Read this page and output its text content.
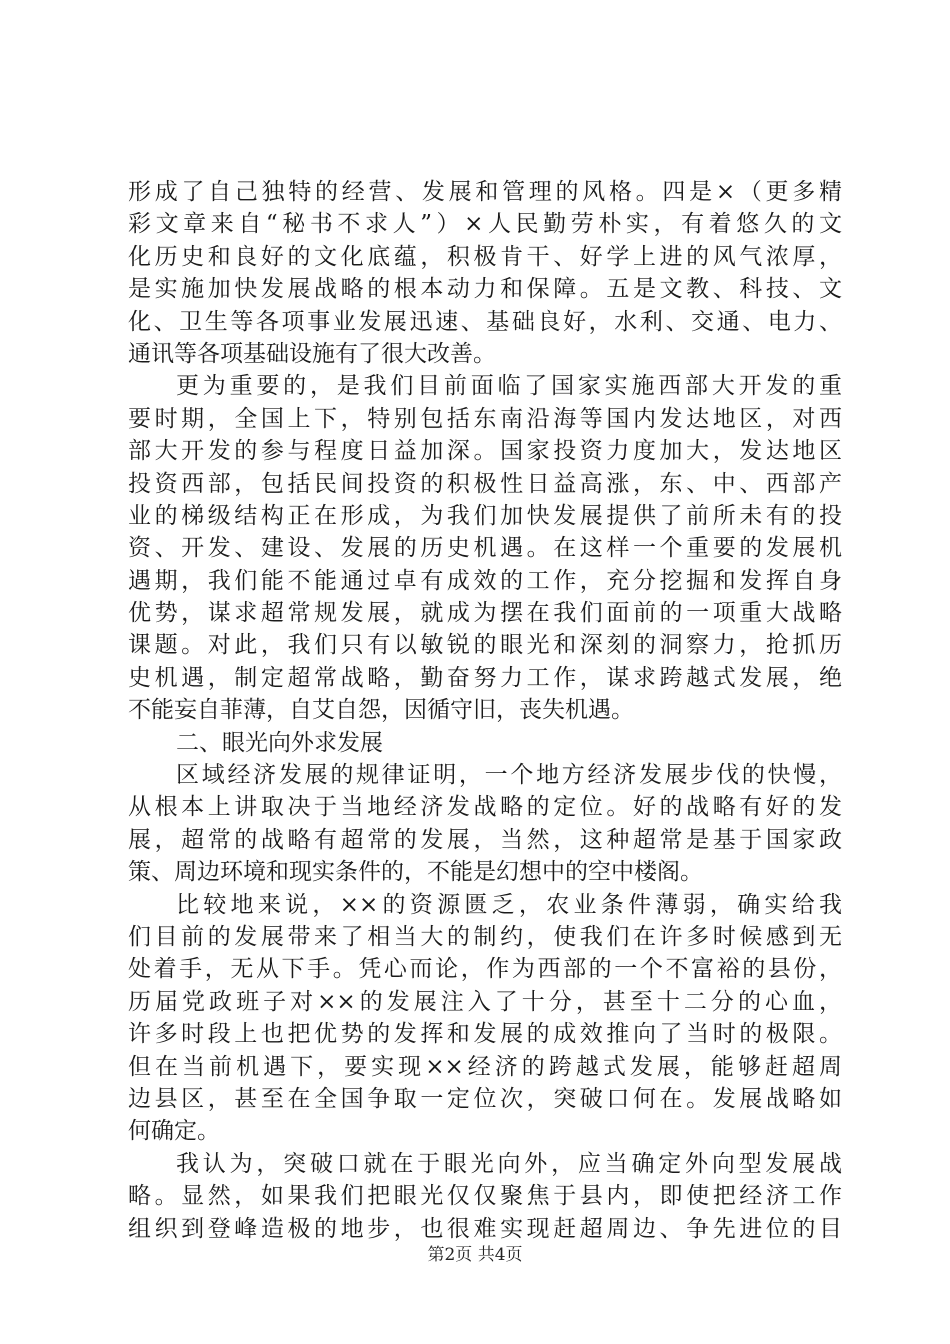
形成了自己独特的经营、发展和管理的风格。四是×（更多精
彩文章来自“秘书不求人”）×人民勤劳朴实，有着悠久的文
化历史和良好的文化底蕴，积极肯干、好学上进的风气浓厚，
是实施加快发展战略的根本动力和保障。五是文教、科技、文
化、卫生等各项事业发展迅速、基础良好，水利、交通、电力、
通讯等各项基础设施有了很大改善。
更为重要的，是我们目前面临了国家实施西部大开发的重
要时期，全国上下，特别包括东南沿海等国内发达地区，对西
部大开发的参与程度日益加深。国家投资力度加大，发达地区
投资西部，包括民间投资的积极性日益高涨，东、中、西部产
业的梯级结构正在形成，为我们加快发展提供了前所未有的投
资、开发、建设、发展的历史机遇。在这样一个重要的发展机
遇期，我们能不能通过卓有成效的工作，充分挖掘和发挥自身
优势，谋求超常规发展，就成为摆在我们面前的一项重大战略
课题。对此，我们只有以敏锐的眼光和深刻的洞察力，抢抓历
史机遇，制定超常战略，勤奋努力工作，谋求跨越式发展，绝
不能妄自菲薄，自艾自怨，因循守旧，丧失机遇。
二、眼光向外求发展
区域经济发展的规律证明，一个地方经济发展步伐的快慢，
从根本上讲取决于当地经济发战略的定位。好的战略有好的发
展，超常的战略有超常的发展，当然，这种超常是基于国家政
策、周边环境和现实条件的，不能是幻想中的空中楼阁。
比较地来说，××的资源匮乏，农业条件薄弱，确实给我
们目前的发展带来了相当大的制约，使我们在许多时候感到无
处着手，无从下手。凭心而论，作为西部的一个不富裕的县份，
历届党政班子对××的发展注入了十分，甚至十二分的心血，
许多时段上也把优势的发挥和发展的成效推向了当时的极限。
但在当前机遇下，要实现××经济的跨越式发展，能够赶超周
边县区，甚至在全国争取一定位次，突破口何在。发展战略如
何确定。
我认为，突破口就在于眼光向外，应当确定外向型发展战
略。显然，如果我们把眼光仅仅聚焦于县内，即使把经济工作
组织到登峰造极的地步，也很难实现赶超周边、争先进位的目
第2页 共4页
